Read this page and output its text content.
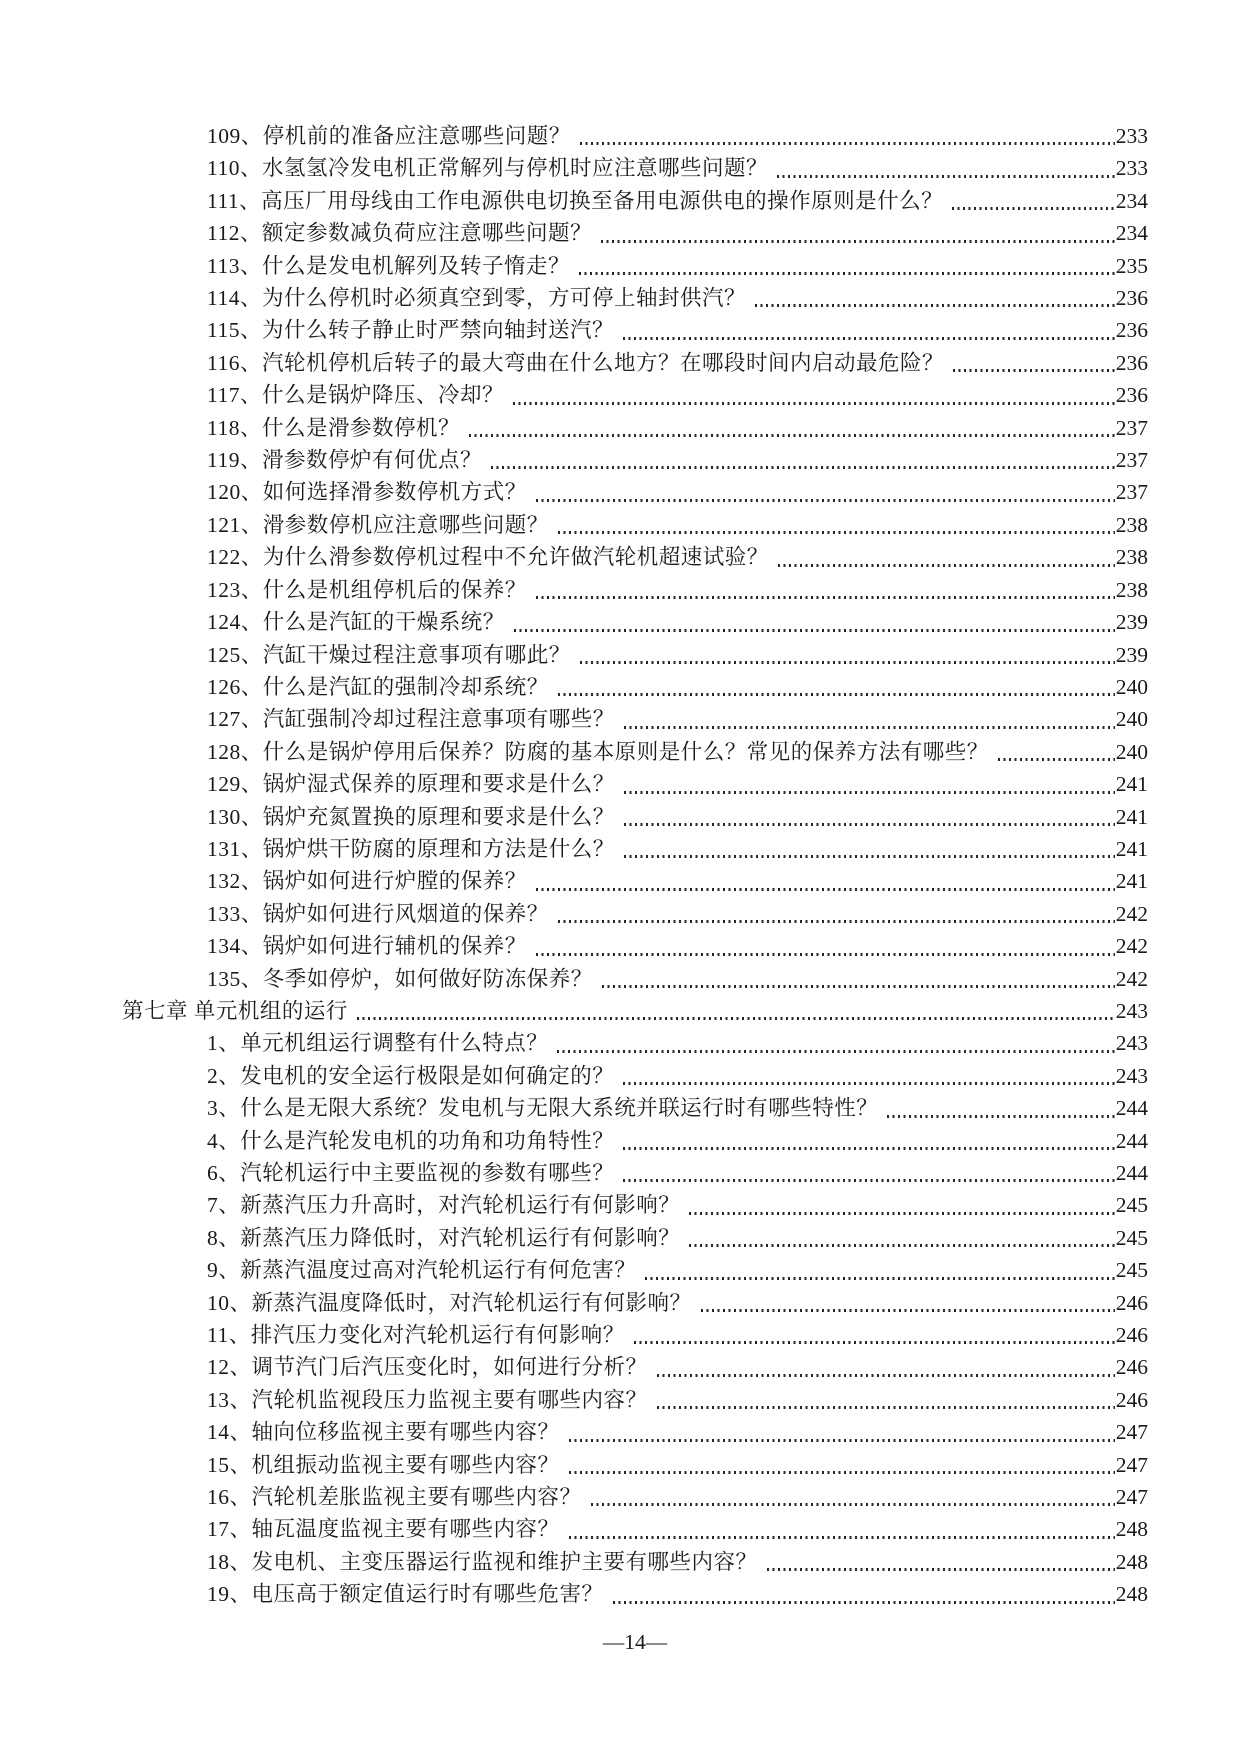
109、停机前的准备应注意哪些问题？	233
110、水氢氢冷发电机正常解列与停机时应注意哪些问题？	233
111、高压厂用母线由工作电源供电切换至备用电源供电的操作原则是什么？	234
112、额定参数减负荷应注意哪些问题？	234
113、什么是发电机解列及转子惰走？	235
114、为什么停机时必须真空到零，方可停上轴封供汽？	236
115、为什么转子静止时严禁向轴封送汽？	236
116、汽轮机停机后转子的最大弯曲在什么地方？在哪段时间内启动最危险？	236
117、什么是锅炉降压、冷却？	236
118、什么是滑参数停机？	237
119、滑参数停炉有何优点？	237
120、如何选择滑参数停机方式？	237
121、滑参数停机应注意哪些问题？	238
122、为什么滑参数停机过程中不允许做汽轮机超速试验？	238
123、什么是机组停机后的保养？	238
124、什么是汽缸的干燥系统？	239
125、汽缸干燥过程注意事项有哪此？	239
126、什么是汽缸的强制冷却系统？	240
127、汽缸强制冷却过程注意事项有哪些？	240
128、什么是锅炉停用后保养？防腐的基本原则是什么？常见的保养方法有哪些？	240
129、锅炉湿式保养的原理和要求是什么？	241
130、锅炉充氮置换的原理和要求是什么？	241
131、锅炉烘干防腐的原理和方法是什么？	241
132、锅炉如何进行炉膛的保养？	241
133、锅炉如何进行风烟道的保养？	242
134、锅炉如何进行辅机的保养？	242
135、冬季如停炉，如何做好防冻保养？	242
第七章 单元机组的运行	243
1、单元机组运行调整有什么特点？	243
2、发电机的安全运行极限是如何确定的？	243
3、什么是无限大系统？发电机与无限大系统并联运行时有哪些特性？	244
4、什么是汽轮发电机的功角和功角特性？	244
6、汽轮机运行中主要监视的参数有哪些？	244
7、新蒸汽压力升高时，对汽轮机运行有何影响？	245
8、新蒸汽压力降低时，对汽轮机运行有何影响？	245
9、新蒸汽温度过高对汽轮机运行有何危害？	245
10、新蒸汽温度降低时，对汽轮机运行有何影响？	246
11、排汽压力变化对汽轮机运行有何影响？	246
12、调节汽门后汽压变化时，如何进行分析？	246
13、汽轮机监视段压力监视主要有哪些内容？	246
14、轴向位移监视主要有哪些内容？	247
15、机组振动监视主要有哪些内容？	247
16、汽轮机差胀监视主要有哪些内容？	247
17、轴瓦温度监视主要有哪些内容？	248
18、发电机、主变压器运行监视和维护主要有哪些内容？	248
19、电压高于额定值运行时有哪些危害？	248
—14—
